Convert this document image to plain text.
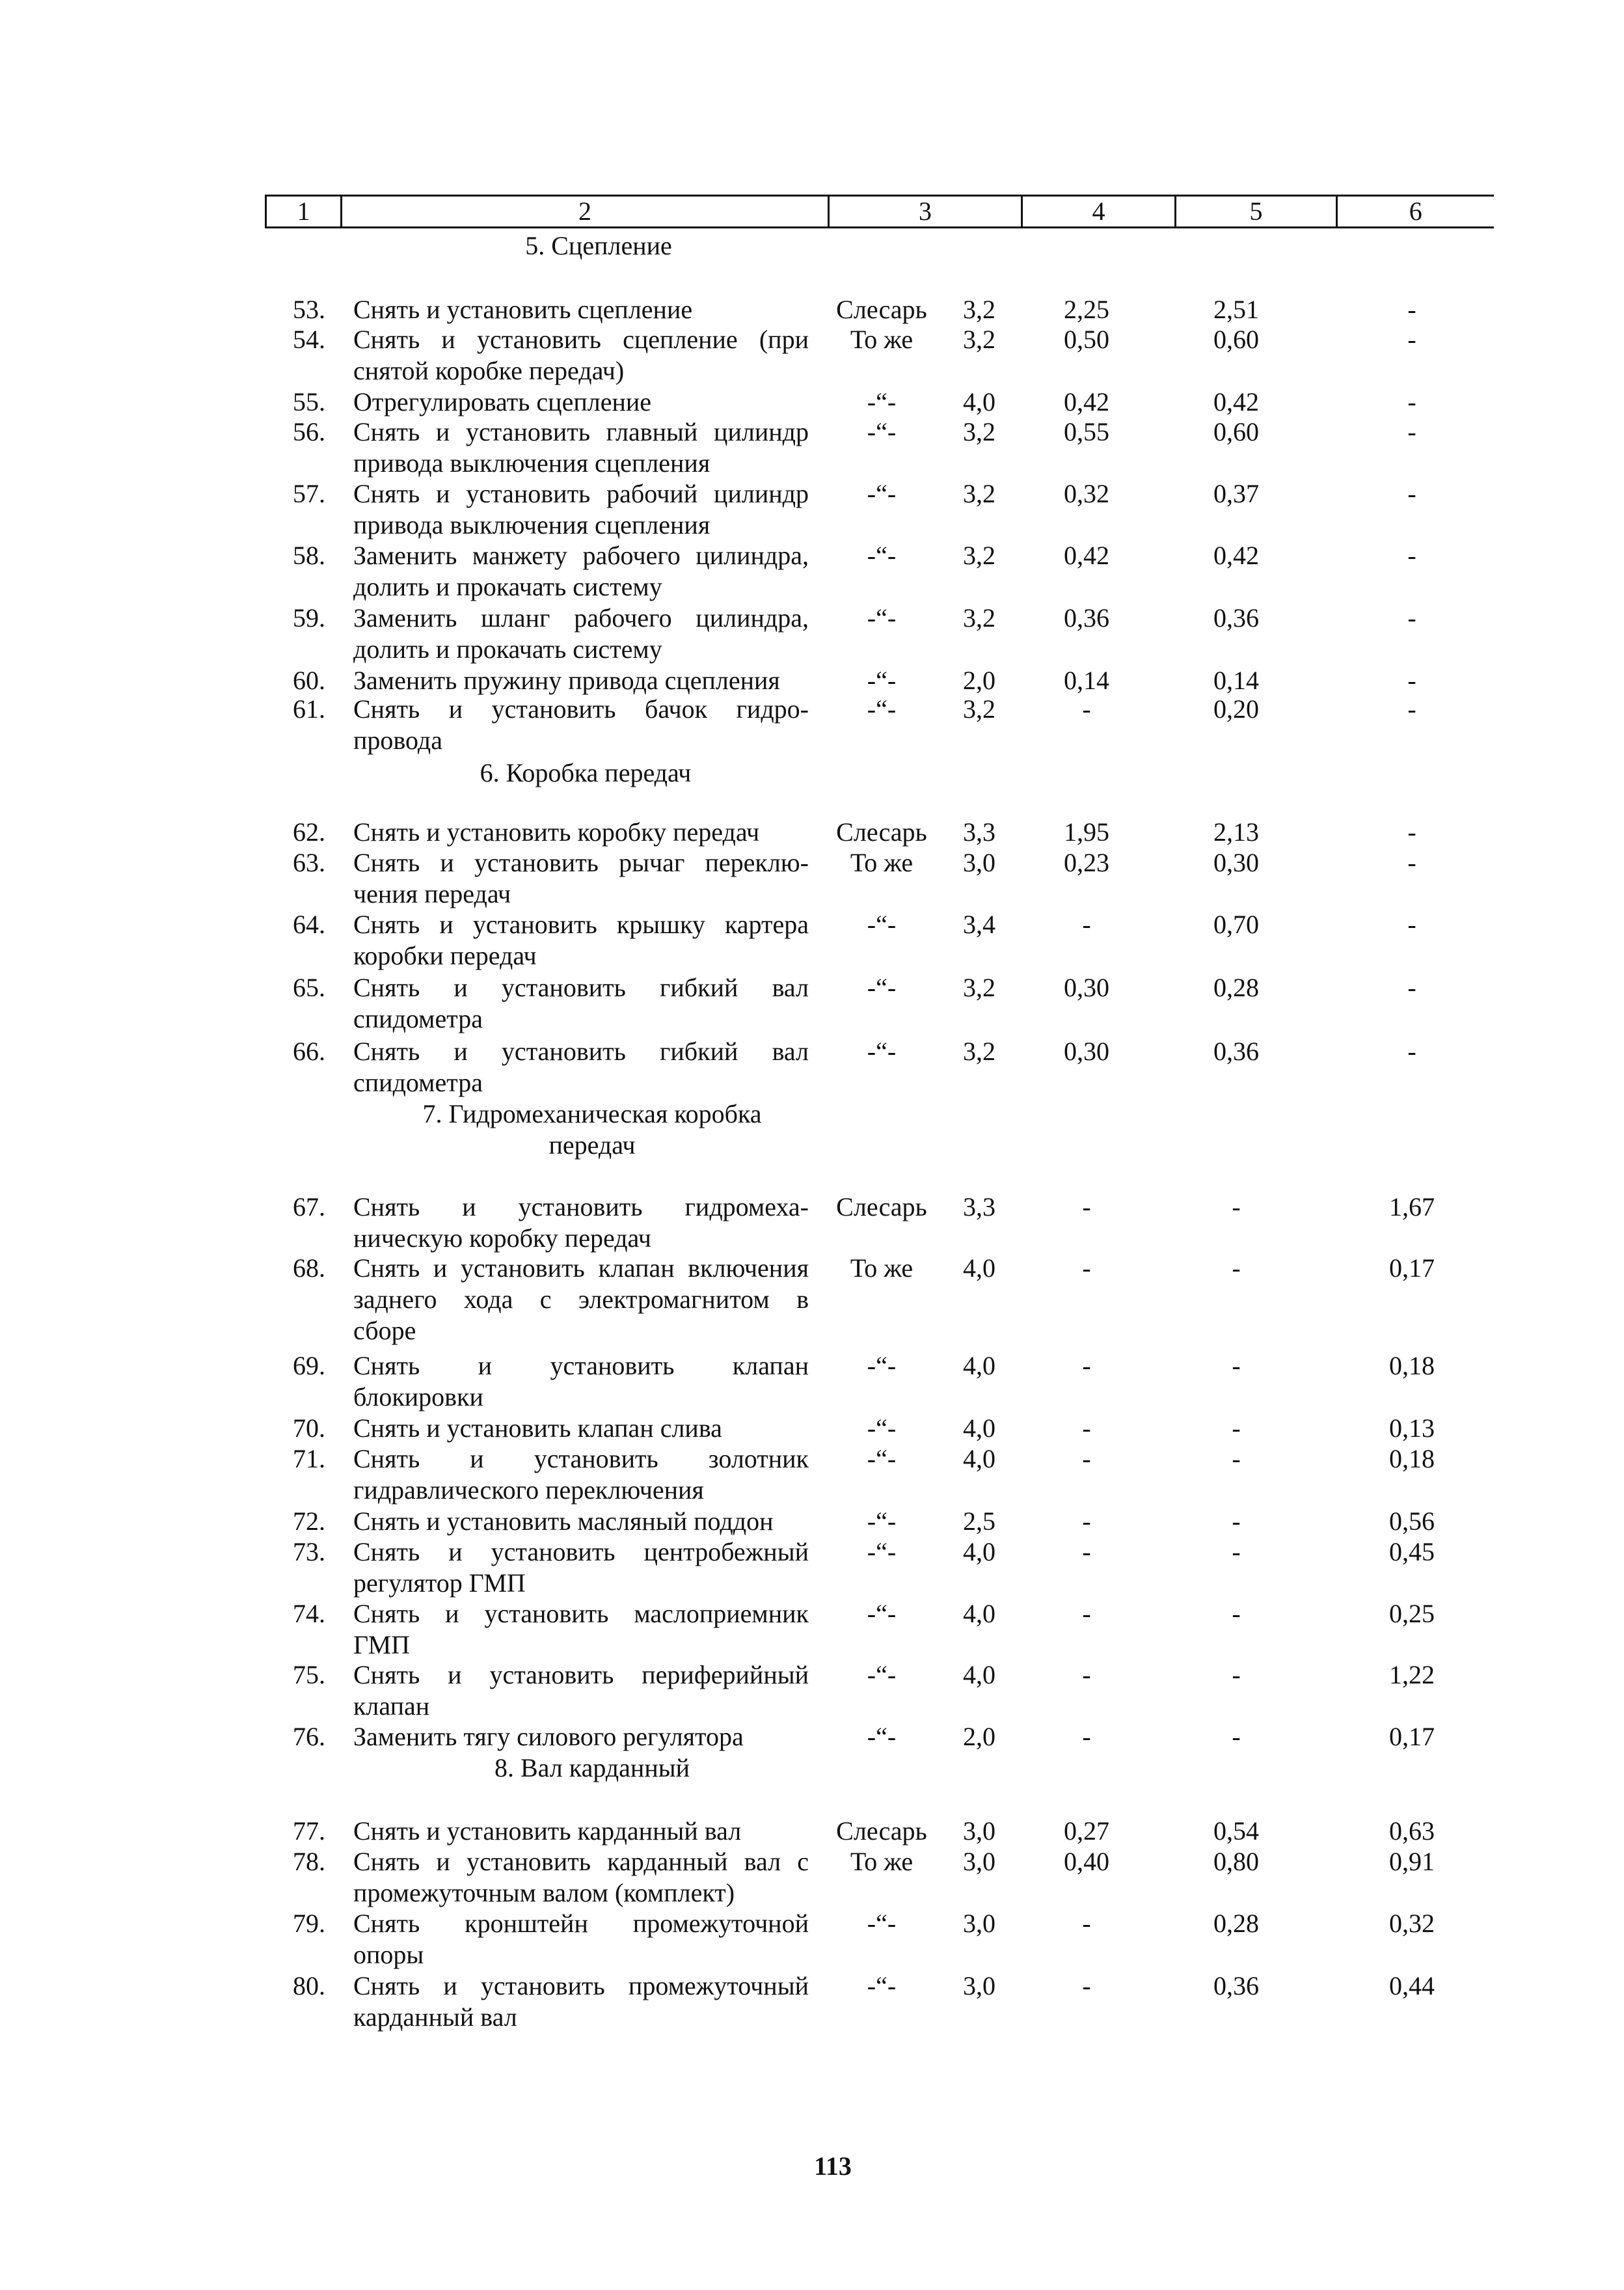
1	2	3	4	5	6
5. Сцепление
53. Снять и установить сцепление	Слесарь	3,2	2,25	2,51	-
54. Снять и установить сцепление (при
снятой коробке передач)
То же	3,2	0,50	0,60	-
55. Отрегулировать сцепление	-“-	4,0	0,42	0,42	-
56. Снять и установить главный цилиндр
привода выключения сцепления
-“-	3,2	0,55	0,60	-
57. Снять и установить рабочий цилиндр
привода выключения сцепления
-“-	3,2	0,32	0,37	-
58. Заменить манжету рабочего цилиндра,
долить и прокачать систему
-“-	3,2	0,42	0,42	-
59. Заменить шланг рабочего цилиндра,
долить и прокачать систему
-“-	3,2	0,36	0,36	-
60. Заменить пружину привода сцепления	-“-	2,0	0,14	0,14	-
61. Снять и установить бачок гидро-
провода
-“-	3,2	-	0,20	-
6. Коробка передач
62. Снять и установить коробку передач	Слесарь	3,3	1,95	2,13	-
63. Снять и установить рычаг переклю-
чения передач
То же	3,0	0,23	0,30	-
64. Снять и установить крышку картера
коробки передач
-“-	3,4	-	0,70	-
65. Снять и установить гибкий вал
спидометра
-“-	3,2	0,30	0,28	-
66. Снять и установить гибкий вал
спидометра
-“-	3,2	0,30	0,36	-
7. Гидромеханическая коробка
передач
67. Снять и установить гидромеха-
ническую коробку передач
Слесарь	3,3	-	-	1,67
68. Снять и установить клапан включения
заднего хода с электромагнитом в
сборе
То же	4,0	-	-	0,17
69. Снять и установить клапан
блокировки
-“-	4,0	-	-	0,18
70. Снять и установить клапан слива	-“-	4,0	-	-	0,13
71. Снять и установить золотник
гидравлического переключения
-“-	4,0	-	-	0,18
72. Снять и установить масляный поддон	-“-	2,5	-	-	0,56
73. Снять и установить центробежный
регулятор ГМП
-“-	4,0	-	-	0,45
74. Снять и установить маслоприемник
ГМП
-“-	4,0	-	-	0,25
75. Снять и установить периферийный
клапан
-“-	4,0	-	-	1,22
76. Заменить тягу силового регулятора	-“-	2,0	-	-	0,17
8. Вал карданный
77. Снять и установить карданный вал	Слесарь	3,0	0,27	0,54	0,63
78. Снять и установить карданный вал с
промежуточным валом (комплект)
То же	3,0	0,40	0,80	0,91
79. Снять кронштейн промежуточной
опоры
-“-	3,0	-	0,28	0,32
80. Снять и установить промежуточный
карданный вал
-“-	3,0	-	0,36	0,44
113
